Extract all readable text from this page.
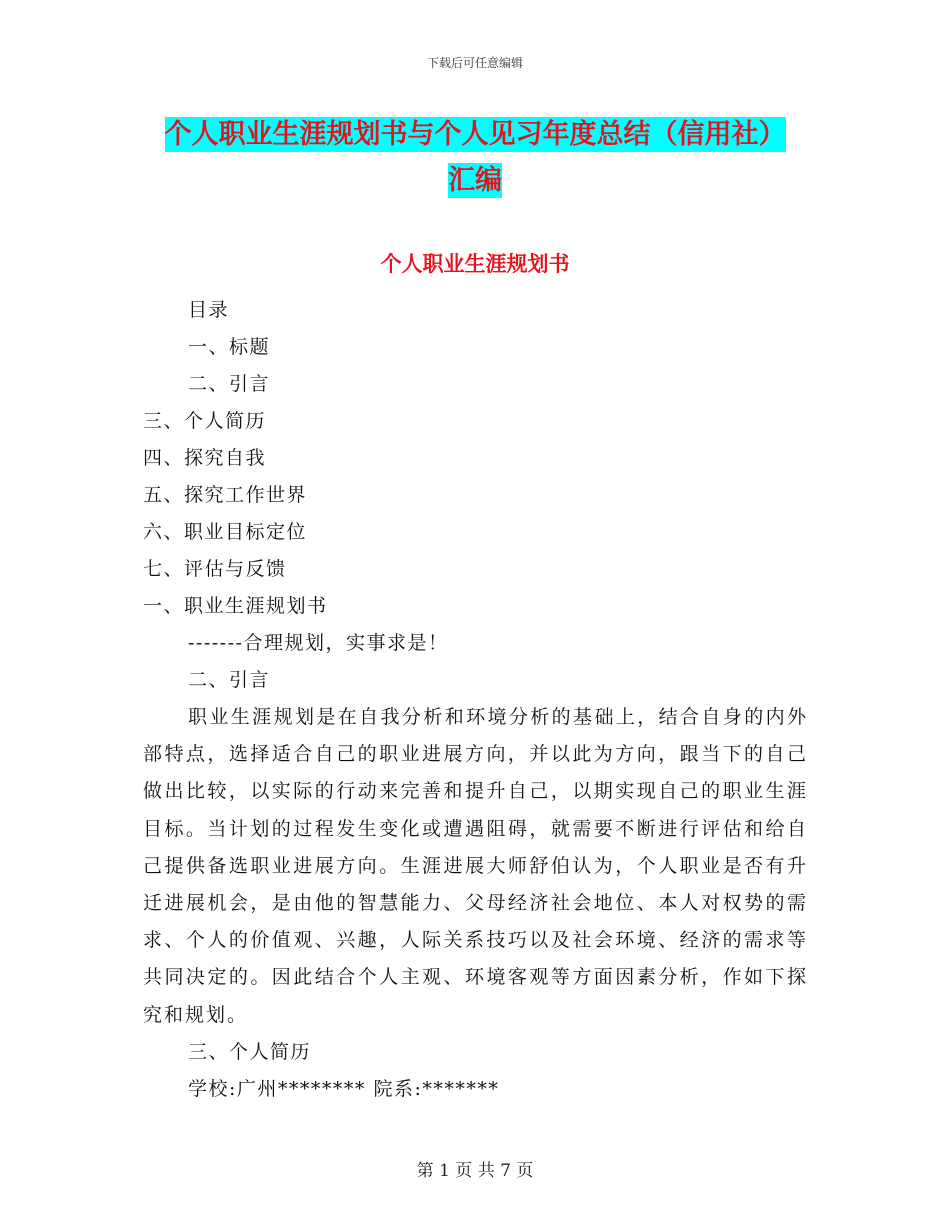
下载后可任意编辑
个人职业生涯规划书与个人见习年度总结（信用社）
汇编
个人职业生涯规划书
目录
一、标题
二、引言
三、个人简历
四、探究自我
五、探究工作世界
六、职业目标定位
七、评估与反馈
一、职业生涯规划书
-------合理规划，实事求是！
二、引言
职业生涯规划是在自我分析和环境分析的基础上，结合自身的内外部特点，选择适合自己的职业进展方向，并以此为方向，跟当下的自己做出比较，以实际的行动来完善和提升自己，以期实现自己的职业生涯目标。当计划的过程发生变化或遭遇阻碍，就需要不断进行评估和给自己提供备选职业进展方向。生涯进展大师舒伯认为，个人职业是否有升迁进展机会，是由他的智慧能力、父母经济社会地位、本人对权势的需求、个人的价值观、兴趣，人际关系技巧以及社会环境、经济的需求等共同决定的。因此结合个人主观、环境客观等方面因素分析，作如下探究和规划。
三、个人简历
学校:广州******** 院系:*******
第 1 页 共 7 页
